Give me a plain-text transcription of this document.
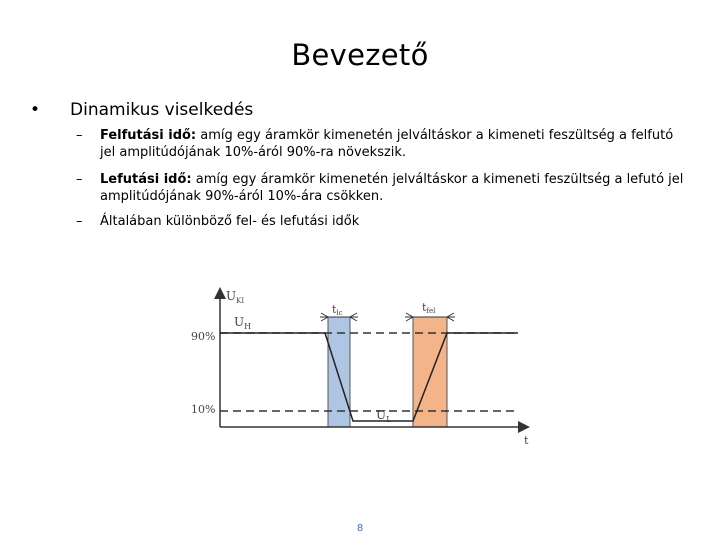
Bevezető
• Dinamikus viselkedés
– Felfutási idő: amíg egy áramkör kimenetén jelváltáskor a kimeneti feszültség a felfutó jel amplitúdójának 10%-áról 90%-ra növekszik.
– Lefutási idő: amíg egy áramkör kimenetén jelváltáskor a kimeneti feszültség a lefutó jel amplitúdójának 90%-áról 10%-ára csökken.
– Általában különböző fel- és lefutási idők
$U_{KI}$
t
90%
10%
$U_H$
$U_L$
tlc	tfel
8
